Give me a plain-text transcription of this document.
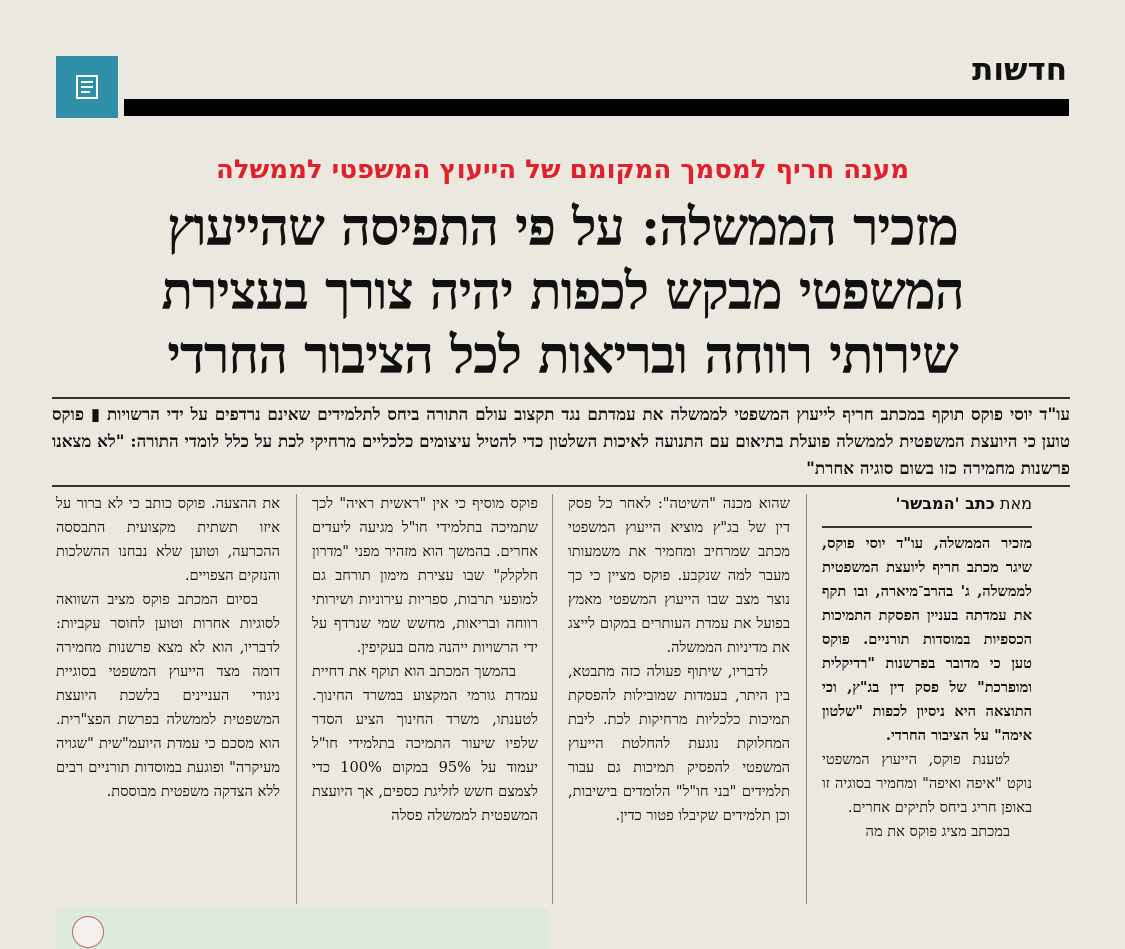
חדשות
מענה חריף למסמך המקומם של הייעוץ המשפטי לממשלה
מזכיר הממשלה: על פי התפיסה שהייעוץ המשפטי מבקש לכפות יהיה צורך בעצירת שירותי רווחה ובריאות לכל הציבור החרדי
עו"ד יוסי פוקס תוקף במכתב חריף לייעוץ המשפטי לממשלה את עמדתם נגד תקצוב עולם התורה ביחס לתלמידים שאינם נרדפים על ידי הרשויות ▮ פוקס טוען כי היועצת המשפטית לממשלה פועלת בתיאום עם התנועה לאיכות השלטון כדי להטיל עיצומים כלכליים מרחיקי לכת על כלל לומדי התורה: "לא מצאנו פרשנות מחמירה כזו בשום סוגיה אחרת"
מאת כתב 'המבשר'

מזכיר הממשלה, עו"ד יוסי פוקס, שיגר מכתב חריף ליועצת המשפטית לממשלה, ג' בהרב־מיארה, ובו תקף את עמדתה בעניין הפסקת התמיכות הכספיות במוסדות תורניים. פוקס טען כי מדובר בפרשנות "רדיקלית ומופרכת" של פסק דין בג"ץ, וכי התוצאה היא ניסיון לכפות "שלטון אימה" על הציבור החרדי.

לטענת פוקס, הייעוץ המשפטי נוקט "איפה ואיפה" ומחמיר בסוגיה זו באופן חריג ביחס לתיקים אחרים.

במכתב מציג פוקס את מה

שהוא מכנה "השיטה": לאחר כל פסק דין של בג"ץ מוציא הייעוץ המשפטי מכתב שמרחיב ומחמיר את משמעותו מעבר למה שנקבע. פוקס מציין כי כך נוצר מצב שבו הייעוץ המשפטי מאמץ בפועל את עמדת העותרים במקום לייצג את מדיניות הממשלה.

לדבריו, שיתוף פעולה כזה מתבטא, בין היתר, בעמדות שמובילות להפסקת תמיכות כלכליות מרחיקות לכת. ליבת המחלוקת נוגעת להחלטת הייעוץ המשפטי להפסיק תמיכות גם עבור תלמידים "בני חו"ל" הלומדים בישיבות, וכן תלמידים שקיבלו פטור כדין.

פוקס מוסיף כי אין "ראשית ראיה" לכך שתמיכה בתלמידי חו"ל מגיעה ליעדים אחרים. בהמשך הוא מזהיר מפני "מדרון חלקלק" שבו עצירת מימון תורחב גם למופעי תרבות, ספריות עירוניות ושירותי רווחה ובריאות, מחשש שמי שנרדף על ידי הרשויות ייהנה מהם בעקיפין.

בהמשך המכתב הוא תוקף את דחיית עמדת גורמי המקצוע במשרד החינוך. לטענתו, משרד החינוך הציע הסדר שלפיו שיעור התמיכה בתלמידי חו"ל יעמוד על 95% במקום 100% כדי לצמצם חשש לזליגת כספים, אך היועצת המשפטית לממשלה פסלה

את ההצעה. פוקס כותב כי לא ברור על איזו תשתית מקצועית התבססה ההכרעה, וטוען שלא נבחנו ההשלכות והנזקים הצפויים.

בסיום המכתב פוקס מציב השוואה לסוגיות אחרות וטוען לחוסר עקביות: לדבריו, הוא לא מצא פרשנות מחמירה דומה מצד הייעוץ המשפטי בסוגיית ניגודי העניינים בלשכת היועצת המשפטית לממשלה בפרשת הפצ"רית. הוא מסכם כי עמדת היועמ"שית "שגויה מעיקרה" ופוגעת במוסדות תורניים רבים ללא הצדקה משפטית מבוססת.
